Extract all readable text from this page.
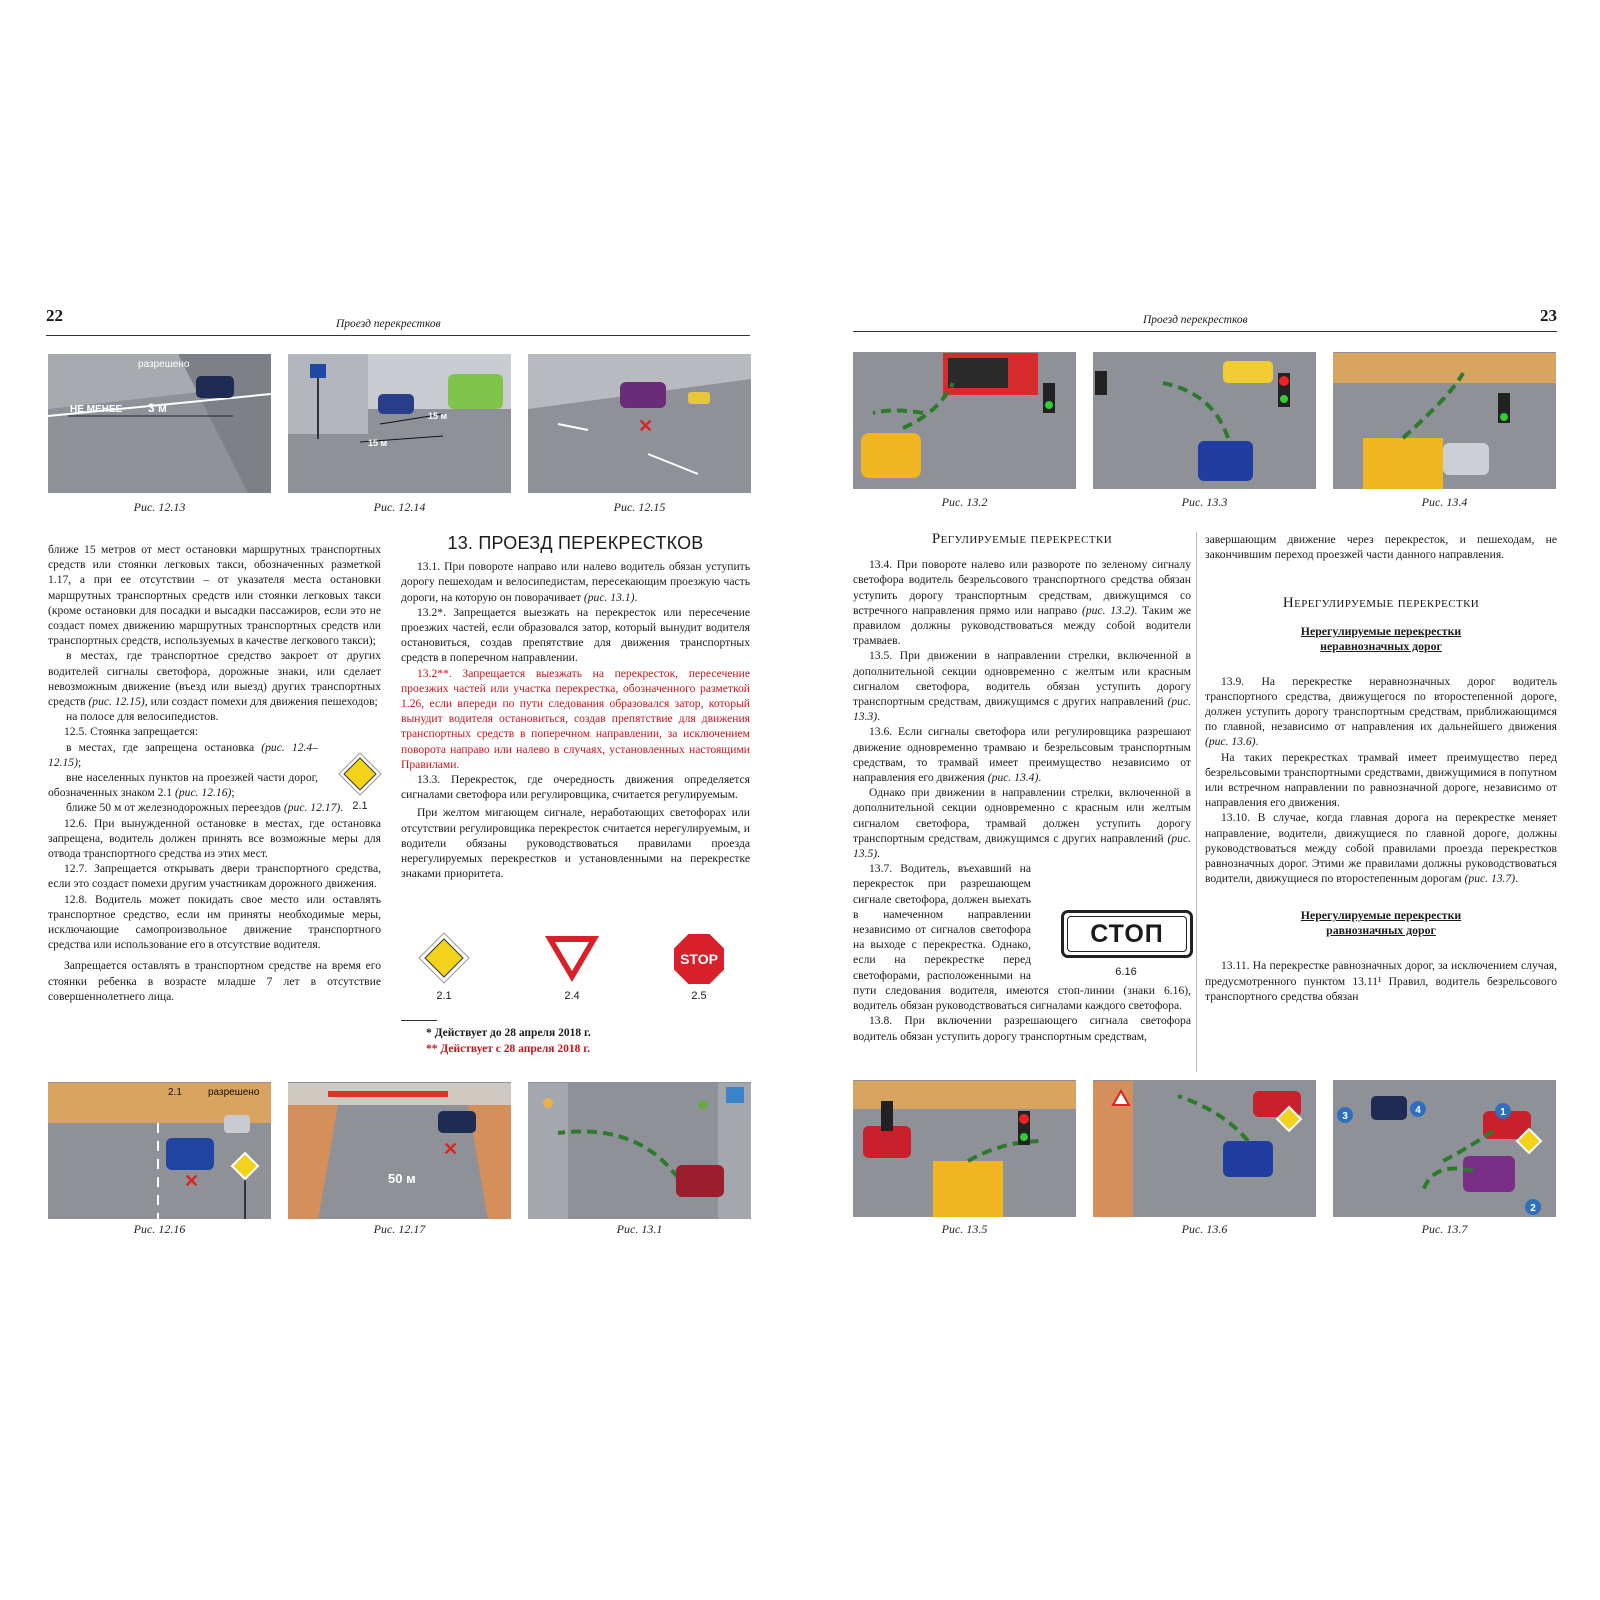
22	Проезд перекрестков
разрешено
НЕ МЕНЕЕ 3 м
Рис. 12.13
15 м
15 м
Рис. 12.14
✕
Рис. 12.15

ближе 15 метров от мест остановки маршрутных транспортных средств или стоянки легковых такси, обозначенных разметкой 1.17, а при ее отсутствии – от указателя места остановки маршрутных транспортных средств или стоянки легковых такси (кроме остановки для посадки и высадки пассажиров, если это не создаст помех движению маршрутных транспортных средств или транспортных средств, используемых в качестве легкового такси);

в местах, где транспортное средство закроет от других водителей сигналы светофора, дорожные знаки, или сделает невозможным движение (въезд или выезд) других транспортных средств (рис. 12.15), или создаст помехи для движения пешеходов;

на полосе для велосипедистов.

12.5. Стоянка запрещается:

в местах, где запрещена остановка (рис. 12.4–12.15);

вне населенных пунктов на проезжей части дорог, обозначенных знаком 2.1 (рис. 12.16);

ближе 50 м от железнодорожных переездов (рис. 12.17).

12.6. При вынужденной остановке в местах, где остановка запрещена, водитель должен принять все возможные меры для отвода транспортного средства из этих мест.

12.7. Запрещается открывать двери транспортного средства, если это создаст помехи другим участникам дорожного движения.

12.8. Водитель может покидать свое место или оставлять транспортное средство, если им приняты необходимые меры, исключающие самопроизвольное движение транспортного средства или использование его в отсутствие водителя.

Запрещается оставлять в транспортном средстве на время его стоянки ребенка в возрасте младше 7 лет в отсутствие совершеннолетнего лица.

2.1
13. ПРОЕЗД ПЕРЕКРЕСТКОВ

13.1. При повороте направо или налево водитель обязан уступить дорогу пешеходам и велосипедистам, пересекающим проезжую часть дороги, на которую он поворачивает (рис. 13.1).

13.2*. Запрещается выезжать на перекресток или пересечение проезжих частей, если образовался затор, который вынудит водителя остановиться, создав препятствие для движения транспортных средств в поперечном направлении.

13.2**. Запрещается выезжать на перекресток, пересечение проезжих частей или участка перекрестка, обозначенного разметкой 1.26, если впереди по пути следования образовался затор, который вынудит водителя остановиться, создав препятствие для движения транспортных средств в поперечном направлении, за исключением поворота направо или налево в случаях, установленных настоящими Правилами.

13.3. Перекресток, где очередность движения определяется сигналами светофора или регулировщика, считается регулируемым.

При желтом мигающем сигнале, неработающих светофорах или отсутствии регулировщика перекресток считается нерегулируемым, и водители обязаны руководствоваться правилами проезда нерегулируемых перекрестков и установленными на перекрестке знаками приоритета.

2.1	2.4
STOP
2.5
* Действует до 28 апреля 2018 г.
** Действует с 28 апреля 2018 г.
✕
2.1	разрешено
Рис. 12.16
✕
50 м
Рис. 12.17	Рис. 13.1
23
Проезд перекрестков
Рис. 13.2	Рис. 13.3	Рис. 13.4
Регулируемые перекрестки

13.4. При повороте налево или развороте по зеленому сигналу светофора водитель безрельсового транспортного средства обязан уступить дорогу транспортным средствам, движущимся со встречного направления прямо или направо (рис. 13.2). Таким же правилом должны руководствоваться между собой водители трамваев.

13.5. При движении в направлении стрелки, включенной в дополнительной секции одновременно с желтым или красным сигналом светофора, водитель обязан уступить дорогу транспортным средствам, движущимся с других направлений (рис. 13.3).

13.6. Если сигналы светофора или регулировщика разрешают движение одновременно трамваю и безрельсовым транспортным средствам, то трамвай имеет преимущество независимо от направления его движения (рис. 13.4).

Однако при движении в направлении стрелки, включенной в дополнительной секции одновременно с красным или желтым сигналом светофора, трамвай должен уступить дорогу транспортным средствам, движущимся с других направлений (рис. 13.5).

13.7. Водитель, въехавший на перекресток при разрешающем сигнале светофора, должен выехать в намеченном направлении независимо от сигналов светофора на выходе с перекрестка. Однако, если на перекрестке перед светофорами, расположенными на пути следования водителя, имеются стоп-линии (знаки 6.16), водитель обязан руководствоваться сигналами каждого светофора.

13.8. При включении разрешающего сигнала светофора водитель обязан уступить дорогу транспортным средствам,

СТОП
6.16

завершающим движение через перекресток, и пешеходам, не закончившим переход проезжей части данного направления.

Нерегулируемые перекрестки
Нерегулируемые перекрестки неравнозначных дорог

13.9. На перекрестке неравнозначных дорог водитель транспортного средства, движущегося по второстепенной дороге, должен уступить дорогу транспортным средствам, приближающимся по главной, независимо от направления их дальнейшего движения (рис. 13.6).

На таких перекрестках трамвай имеет преимущество перед безрельсовыми транспортными средствами, движущимися в попутном или встречном направлении по равнозначной дороге, независимо от направления его движения.

13.10. В случае, когда главная дорога на перекрестке меняет направление, водители, движущиеся по главной дороге, должны руководствоваться между собой правилами проезда перекрестков равнозначных дорог. Этими же правилами должны руководствоваться водители, движущиеся по второстепенным дорогам (рис. 13.7).

Нерегулируемые перекрестки равнозначных дорог

13.11. На перекрестке равнозначных дорог, за исключением случая, предусмотренного пунктом 13.11¹ Правил, водитель безрельсового транспортного средства обязан

Рис. 13.5	Рис. 13.6
1
2
3
4
Рис. 13.7
